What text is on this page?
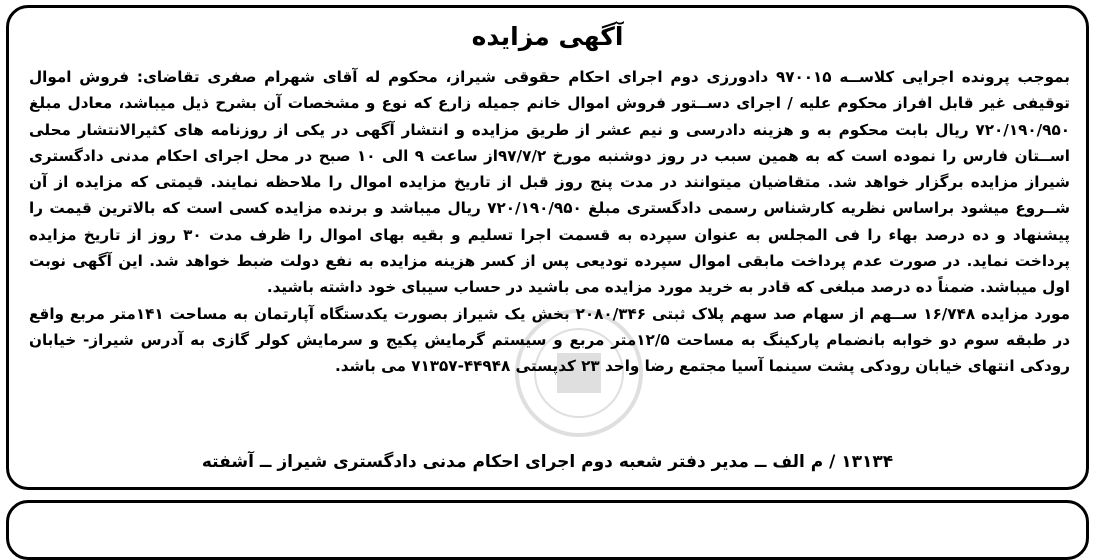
آگهی مزایده

بموجب پرونده اجرایی کلاســه ۹۷۰۰۱۵ دادورزی دوم اجرای احکام حقوقی شیراز، محکوم له آقای شهرام صفری تقاضای: فروش اموال توقیفی غیر قابل افراز محکوم علیه / اجرای دســتور فروش اموال خانم جمیله زارع که نوع و مشخصات آن بشرح ذیل میباشد، معادل مبلغ ۷۲۰/۱۹۰/۹۵۰ ریال بابت محکوم به و هزینه دادرسی و نیم عشر از طریق مزایده و انتشار آگهی در یکی از روزنامه های کثیرالانتشار محلی اســتان فارس را نموده است که به همین سبب در روز دوشنبه مورخ ۹۷/۷/۲از ساعت ۹ الی ۱۰ صبح در محل اجرای احکام مدنی دادگستری شیراز مزایده برگزار خواهد شد. متقاضیان میتوانند در مدت پنج روز قبل از تاریخ مزایده اموال را ملاحظه نمایند. قیمتی که مزایده از آن شــروع میشود براساس نظریه کارشناس رسمی دادگستری مبلغ ۷۲۰/۱۹۰/۹۵۰ ریال میباشد و برنده مزایده کسی است که بالاترین قیمت را پیشنهاد و ده درصد بهاء را فی المجلس به عنوان سپرده به قسمت اجرا تسلیم و بقیه بهای اموال را ظرف مدت ۳۰ روز از تاریخ مزایده پرداخت نماید. در صورت عدم پرداخت مابقی اموال سپرده تودیعی پس از کسر هزینه مزایده به نفع دولت ضبط خواهد شد. این آگهی نوبت اول میباشد. ضمناً ده درصد مبلغی که قادر به خرید مورد مزایده می باشید در حساب سیبای خود داشته باشید.

مورد مزایده ۱۶/۷۴۸ ســهم از سهام صد سهم پلاک ثبتی ۲۰۸۰/۳۴۶ بخش یک شیراز بصورت یکدستگاه آپارتمان به مساحت ۱۴۱متر مربع واقع در طبقه سوم دو خوابه بانضمام پارکینگ به مساحت ۱۲/۵متر مربع و سیستم گرمایش پکیج و سرمایش کولر گازی به آدرس شیراز- خیابان رودکی انتهای خیابان رودکی پشت سینما آسیا مجتمع رضا واحد ۲۳ کدپستی ۴۴۹۴۸-۷۱۳۵۷ می باشد.

۱۳۱۳۴ / م الف ــ مدیر دفتر شعبه دوم اجرای احکام مدنی دادگستری شیراز ــ آشفته
